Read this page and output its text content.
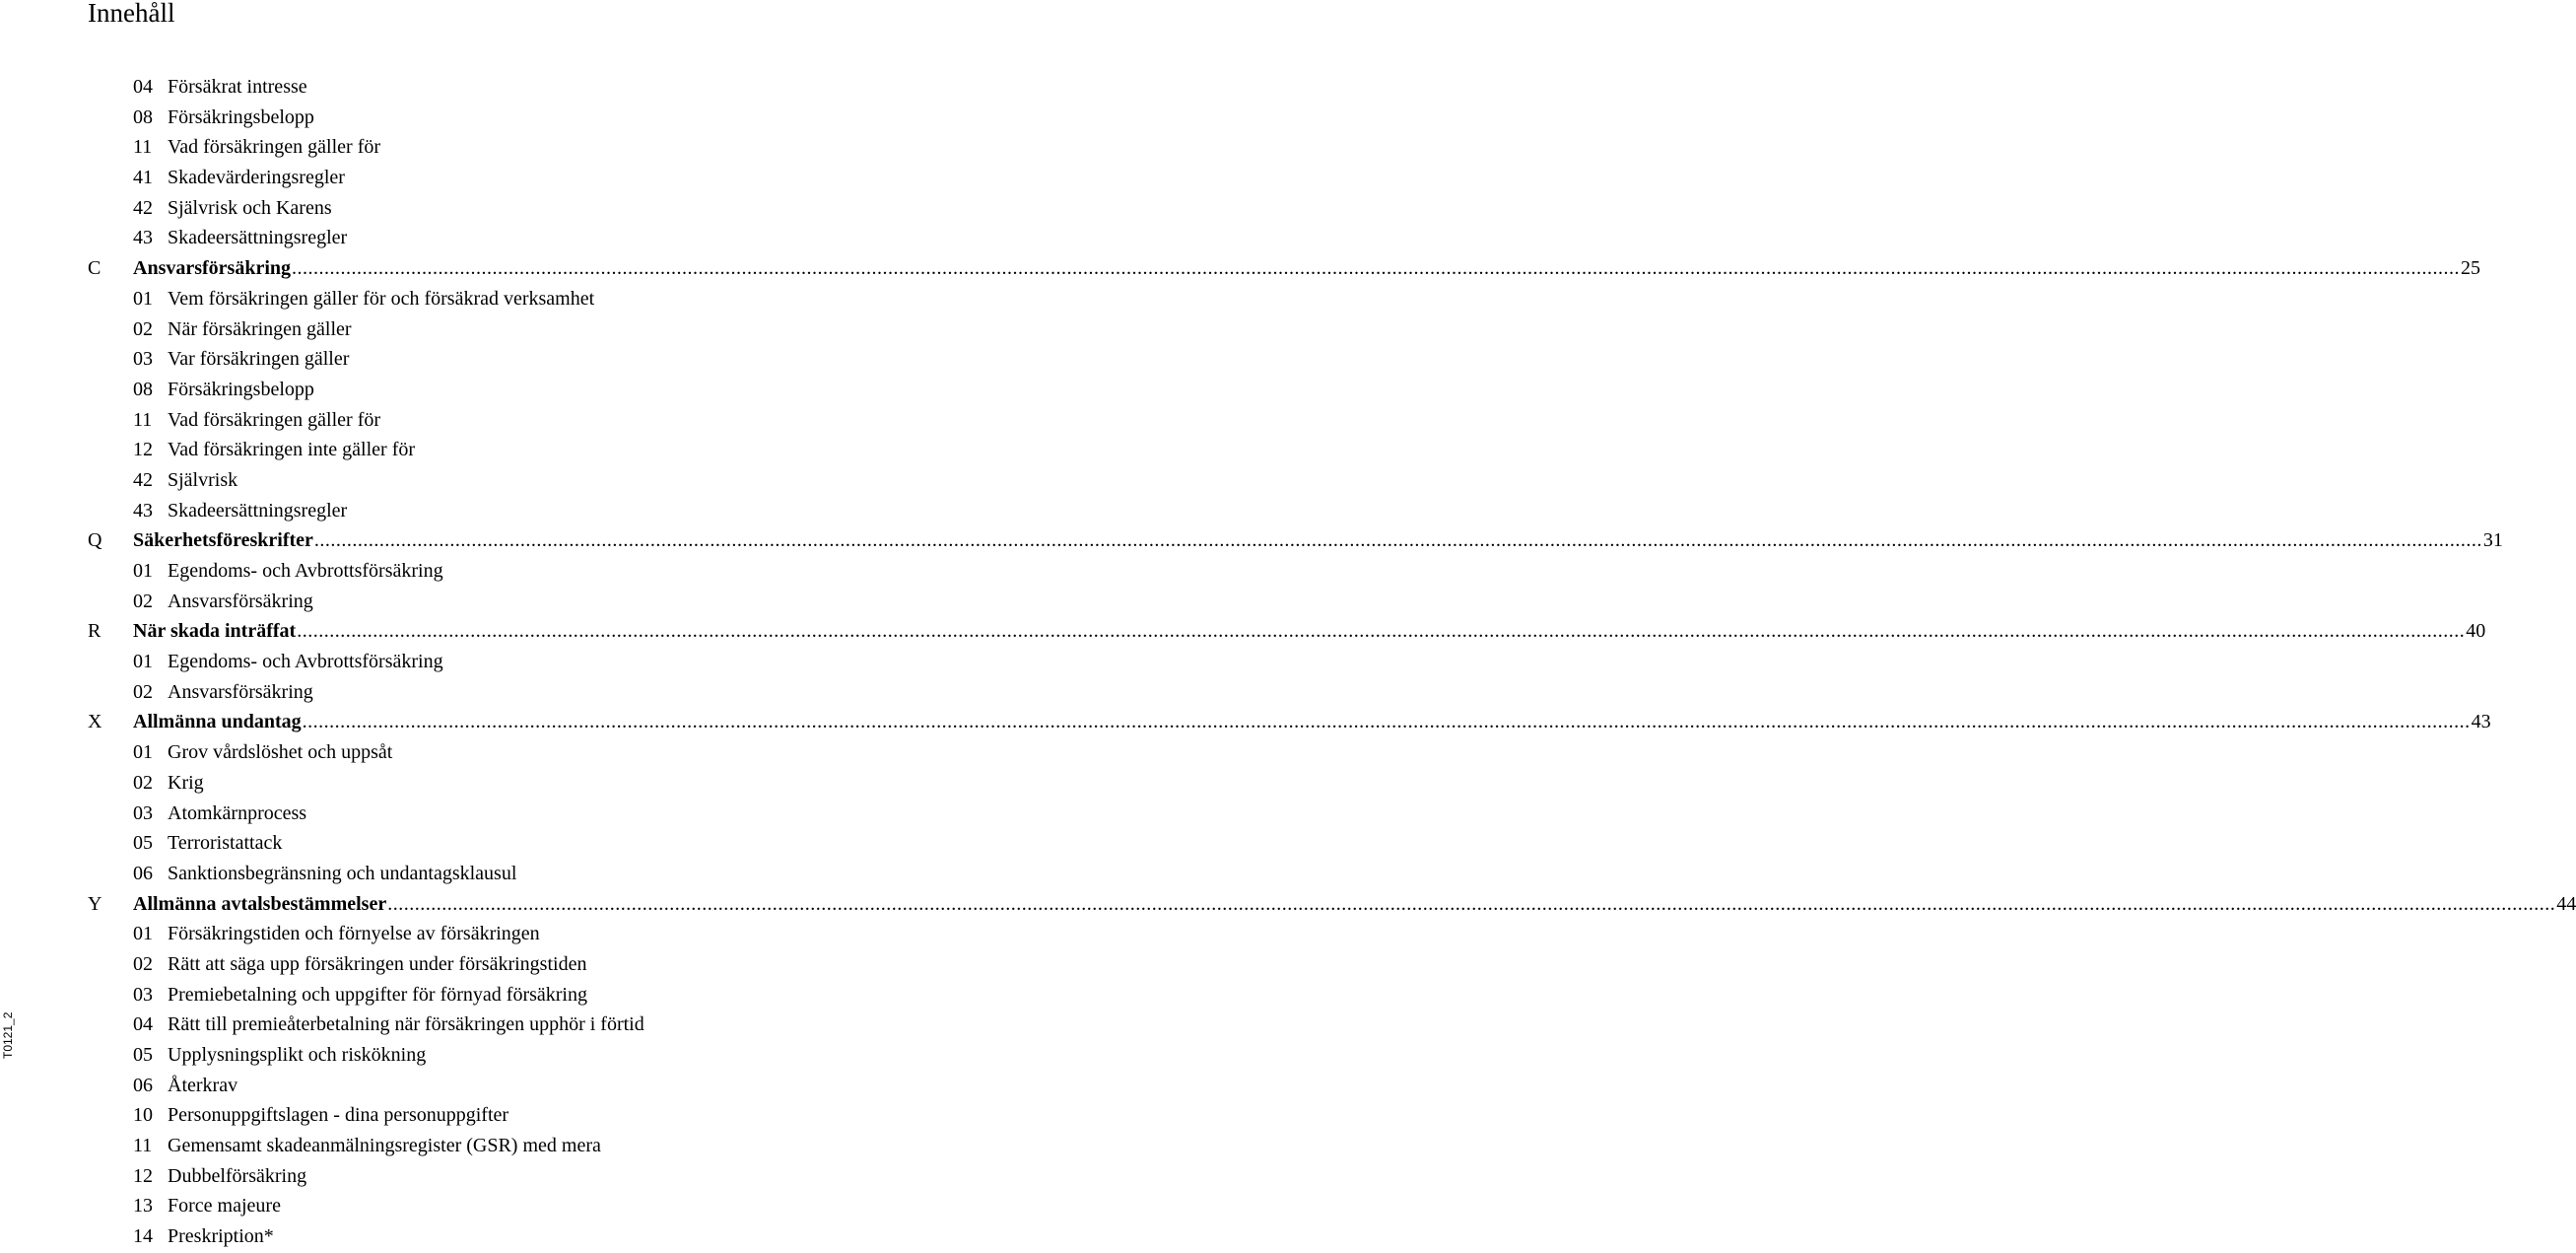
Innehåll
T0121_2
04 Försäkrat intresse
08 Försäkringsbelopp
11 Vad försäkringen gäller för
41 Skadevärderingsregler
42 Självrisk och Karens
43 Skadeersättningsregler
C Ansvarsförsäkring ................................................................................................................................................................................................................................................................................................................................................................................................................ 25
01 Vem försäkringen gäller för och försäkrad verksamhet
02 När försäkringen gäller
03 Var försäkringen gäller
08 Försäkringsbelopp
11 Vad försäkringen gäller för
12 Vad försäkringen inte gäller för
42 Självrisk
43 Skadeersättningsregler
Q Säkerhetsföreskrifter ................................................................................................................................................................................................................................................................................................................................................................................................................ 31
01 Egendoms- och Avbrottsförsäkring
02 Ansvarsförsäkring
R När skada inträffat ................................................................................................................................................................................................................................................................................................................................................................................................................ 40
01 Egendoms- och Avbrottsförsäkring
02 Ansvarsförsäkring
X Allmänna undantag ................................................................................................................................................................................................................................................................................................................................................................................................................ 43
01 Grov vårdslöshet och uppsåt
02 Krig
03 Atomkärnprocess
05 Terroristattack
06 Sanktionsbegränsning och undantagsklausul
Y Allmänna avtalsbestämmelser ................................................................................................................................................................................................................................................................................................................................................................................................................ 44
01 Försäkringstiden och förnyelse av försäkringen
02 Rätt att säga upp försäkringen under försäkringstiden
03 Premiebetalning och uppgifter för förnyad försäkring
04 Rätt till premieåterbetalning när försäkringen upphör i förtid
05 Upplysningsplikt och riskökning
06 Återkrav
10 Personuppgiftslagen - dina personuppgifter
11 Gemensamt skadeanmälningsregister (GSR) med mera
12 Dubbelförsäkring
13 Force majeure
14 Preskription*
